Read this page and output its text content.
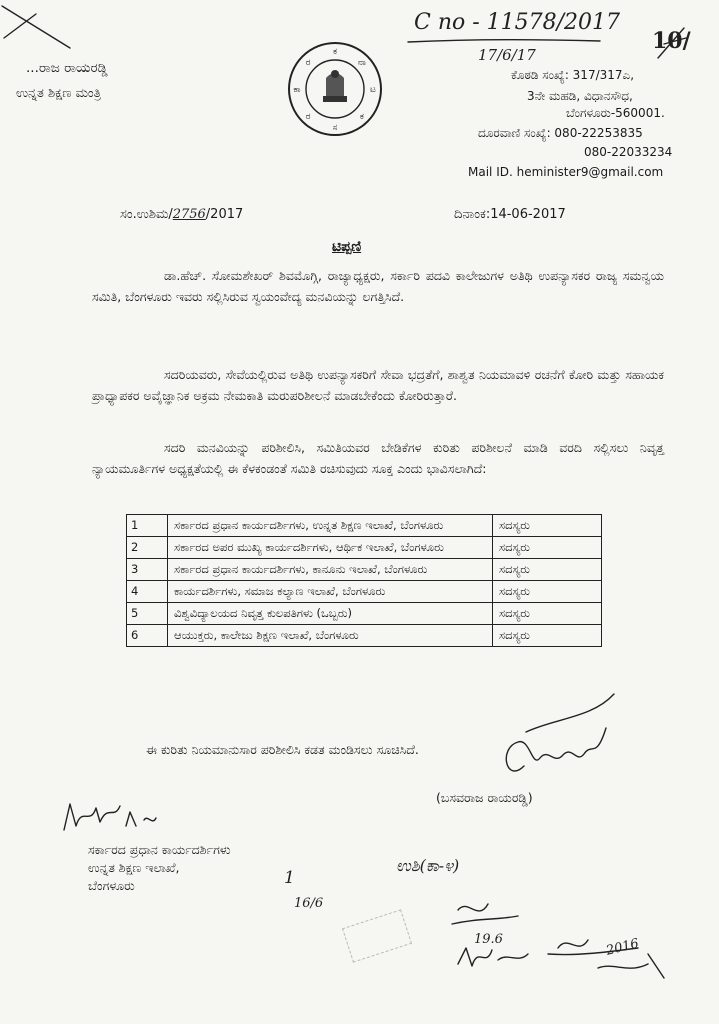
C no - 11578/2017
17/6/17
10/
...ರಾಜ ರಾಯರಡ್ಡಿ
ಉನ್ನತ ಶಿಕ್ಷಣ ಮಂತ್ರಿ
ಕ
ನಾ
ಟ
ಕ
ಸ
ರ
ಕಾ
ರ
ಕೊಠಡಿ ಸಂಖ್ಯೆ: 317/317ಎ,
3ನೇ ಮಹಡಿ, ವಿಧಾನಸೌಧ,
ಬೆಂಗಳೂರು-560001.
ದೂರವಾಣಿ ಸಂಖ್ಯೆ: 080-22253835
080-22033234
Mail ID. heminister9@gmail.com
ಸಂ.ಉಶಿಮ/2756/2017	ದಿನಾಂಕ:14-06-2017
ಟಿಪ್ಪಣಿ

ಡಾ.ಹೆಚ್. ಸೋಮಶೇಖರ್ ಶಿವಮೊಗ್ಗಿ, ರಾಜ್ಯಾಧ್ಯಕ್ಷರು, ಸರ್ಕಾರಿ ಪದವಿ ಕಾಲೇಜುಗಳ ಅತಿಥಿ ಉಪನ್ಯಾಸಕರ ರಾಜ್ಯ ಸಮನ್ವಯ ಸಮಿತಿ, ಬೆಂಗಳೂರು ಇವರು ಸಲ್ಲಿಸಿರುವ ಸ್ವಯಂವೇದ್ಯ ಮನವಿಯನ್ನು ಲಗತ್ತಿಸಿದೆ.

ಸದರಿಯವರು, ಸೇವೆಯಲ್ಲಿರುವ ಅತಿಥಿ ಉಪನ್ಯಾಸಕರಿಗೆ ಸೇವಾ ಭದ್ರತೆಗೆ, ಶಾಶ್ವತ ನಿಯಮಾವಳಿ ರಚನೆಗೆ ಕೋರಿ ಮತ್ತು ಸಹಾಯಕ ಪ್ರಾಧ್ಯಾಪಕರ ಅವೈಜ್ಞಾನಿಕ ಅಕ್ರಮ ನೇಮಕಾತಿ ಮರುಪರಿಶೀಲನೆ ಮಾಡಬೇಕೆಂದು ಕೋರಿರುತ್ತಾರೆ.

ಸದರಿ ಮನವಿಯನ್ನು ಪರಿಶೀಲಿಸಿ, ಸಮಿತಿಯವರ ಬೇಡಿಕೆಗಳ ಕುರಿತು ಪರಿಶೀಲನೆ ಮಾಡಿ ವರದಿ ಸಲ್ಲಿಸಲು ನಿವೃತ್ತ ನ್ಯಾಯಮೂರ್ತಿಗಳ ಅಧ್ಯಕ್ಷತೆಯಲ್ಲಿ ಈ ಕೆಳಕಂಡಂತೆ ಸಮಿತಿ ರಚಿಸುವುದು ಸೂಕ್ತ ಎಂದು ಭಾವಿಸಲಾಗಿದೆ:

1	ಸರ್ಕಾರದ ಪ್ರಧಾನ ಕಾರ್ಯದರ್ಶಿಗಳು, ಉನ್ನತ ಶಿಕ್ಷಣ ಇಲಾಖೆ, ಬೆಂಗಳೂರು	ಸದಸ್ಯರು
2	ಸರ್ಕಾರದ ಅಪರ ಮುಖ್ಯ ಕಾರ್ಯದರ್ಶಿಗಳು, ಆರ್ಥಿಕ ಇಲಾಖೆ, ಬೆಂಗಳೂರು	ಸದಸ್ಯರು
3	ಸರ್ಕಾರದ ಪ್ರಧಾನ ಕಾರ್ಯದರ್ಶಿಗಳು, ಕಾನೂನು ಇಲಾಖೆ, ಬೆಂಗಳೂರು	ಸದಸ್ಯರು
4	ಕಾರ್ಯದರ್ಶಿಗಳು, ಸಮಾಜ ಕಲ್ಯಾಣ ಇಲಾಖೆ, ಬೆಂಗಳೂರು	ಸದಸ್ಯರು
5	ವಿಶ್ವವಿದ್ಯಾಲಯದ ನಿವೃತ್ತ ಕುಲಪತಿಗಳು (ಒಬ್ಬರು)	ಸದಸ್ಯರು
6	ಆಯುಕ್ತರು, ಕಾಲೇಜು ಶಿಕ್ಷಣ ಇಲಾಖೆ, ಬೆಂಗಳೂರು	ಸದಸ್ಯರು
ಈ ಕುರಿತು ನಿಯಮಾನುಸಾರ ಪರಿಶೀಲಿಸಿ ಕಡತ ಮಂಡಿಸಲು ಸೂಚಿಸಿದೆ.
(ಬಸವರಾಜ ರಾಯರಡ್ಡಿ)
ಸರ್ಕಾರದ ಪ್ರಧಾನ ಕಾರ್ಯದರ್ಶಿಗಳು
ಉನ್ನತ ಶಿಕ್ಷಣ ಇಲಾಖೆ,
ಬೆಂಗಳೂರು	1
16/6
ಉಶಿ(ಕಾ-೪)
19.6	2016
